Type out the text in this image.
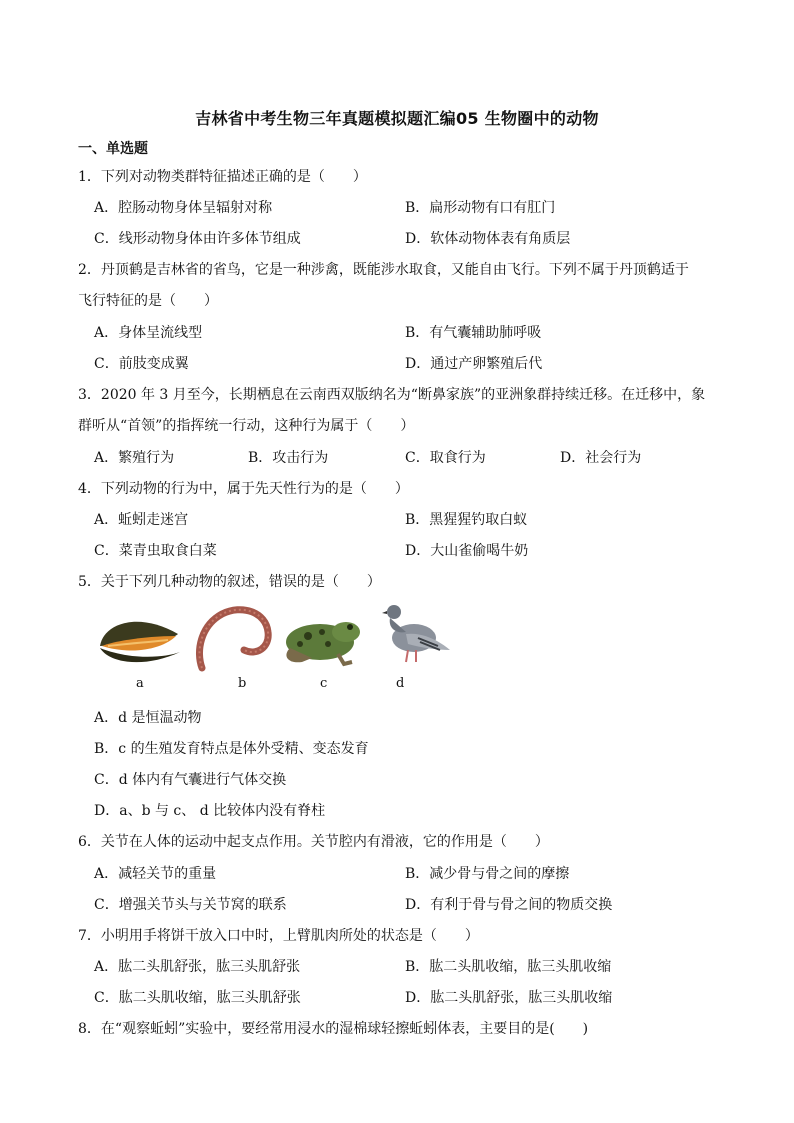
吉林省中考生物三年真题模拟题汇编05 生物圈中的动物
一、单选题
1．下列对动物类群特征描述正确的是（　　）
A．腔肠动物身体呈辐射对称	B．扁形动物有口有肛门
C．线形动物身体由许多体节组成	D．软体动物体表有角质层
2．丹顶鹤是吉林省的省鸟，它是一种涉禽，既能涉水取食，又能自由飞行。下列不属于丹顶鹤适于
飞行特征的是（　　）
A．身体呈流线型	B．有气囊辅助肺呼吸
C．前肢变成翼	D．通过产卵繁殖后代
3．2020 年 3 月至今，长期栖息在云南西双版纳名为“断鼻家族”的亚洲象群持续迁移。在迁移中，象
群听从“首领”的指挥统一行动，这种行为属于（　　）
A．繁殖行为	B．攻击行为	C．取食行为	D．社会行为
4．下列动物的行为中，属于先天性行为的是（　　）
A．蚯蚓走迷宫	B．黑猩猩钓取白蚁
C．菜青虫取食白菜	D．大山雀偷喝牛奶
5．关于下列几种动物的叙述，错误的是（　　）
a	b	c	d
A．d 是恒温动物
B．c 的生殖发育特点是体外受精、变态发育
C．d 体内有气囊进行气体交换
D．a、b 与 c、 d 比较体内没有脊柱
6．关节在人体的运动中起支点作用。关节腔内有滑液，它的作用是（　　）
A．减轻关节的重量	B．减少骨与骨之间的摩擦
C．增强关节头与关节窝的联系	D．有利于骨与骨之间的物质交换
7．小明用手将饼干放入口中时，上臂肌肉所处的状态是（　　）
A．肱二头肌舒张，肱三头肌舒张	B．肱二头肌收缩，肱三头肌收缩
C．肱二头肌收缩，肱三头肌舒张	D．肱二头肌舒张，肱三头肌收缩
8．在“观察蚯蚓”实验中，要经常用浸水的湿棉球轻擦蚯蚓体表，主要目的是(　　)
